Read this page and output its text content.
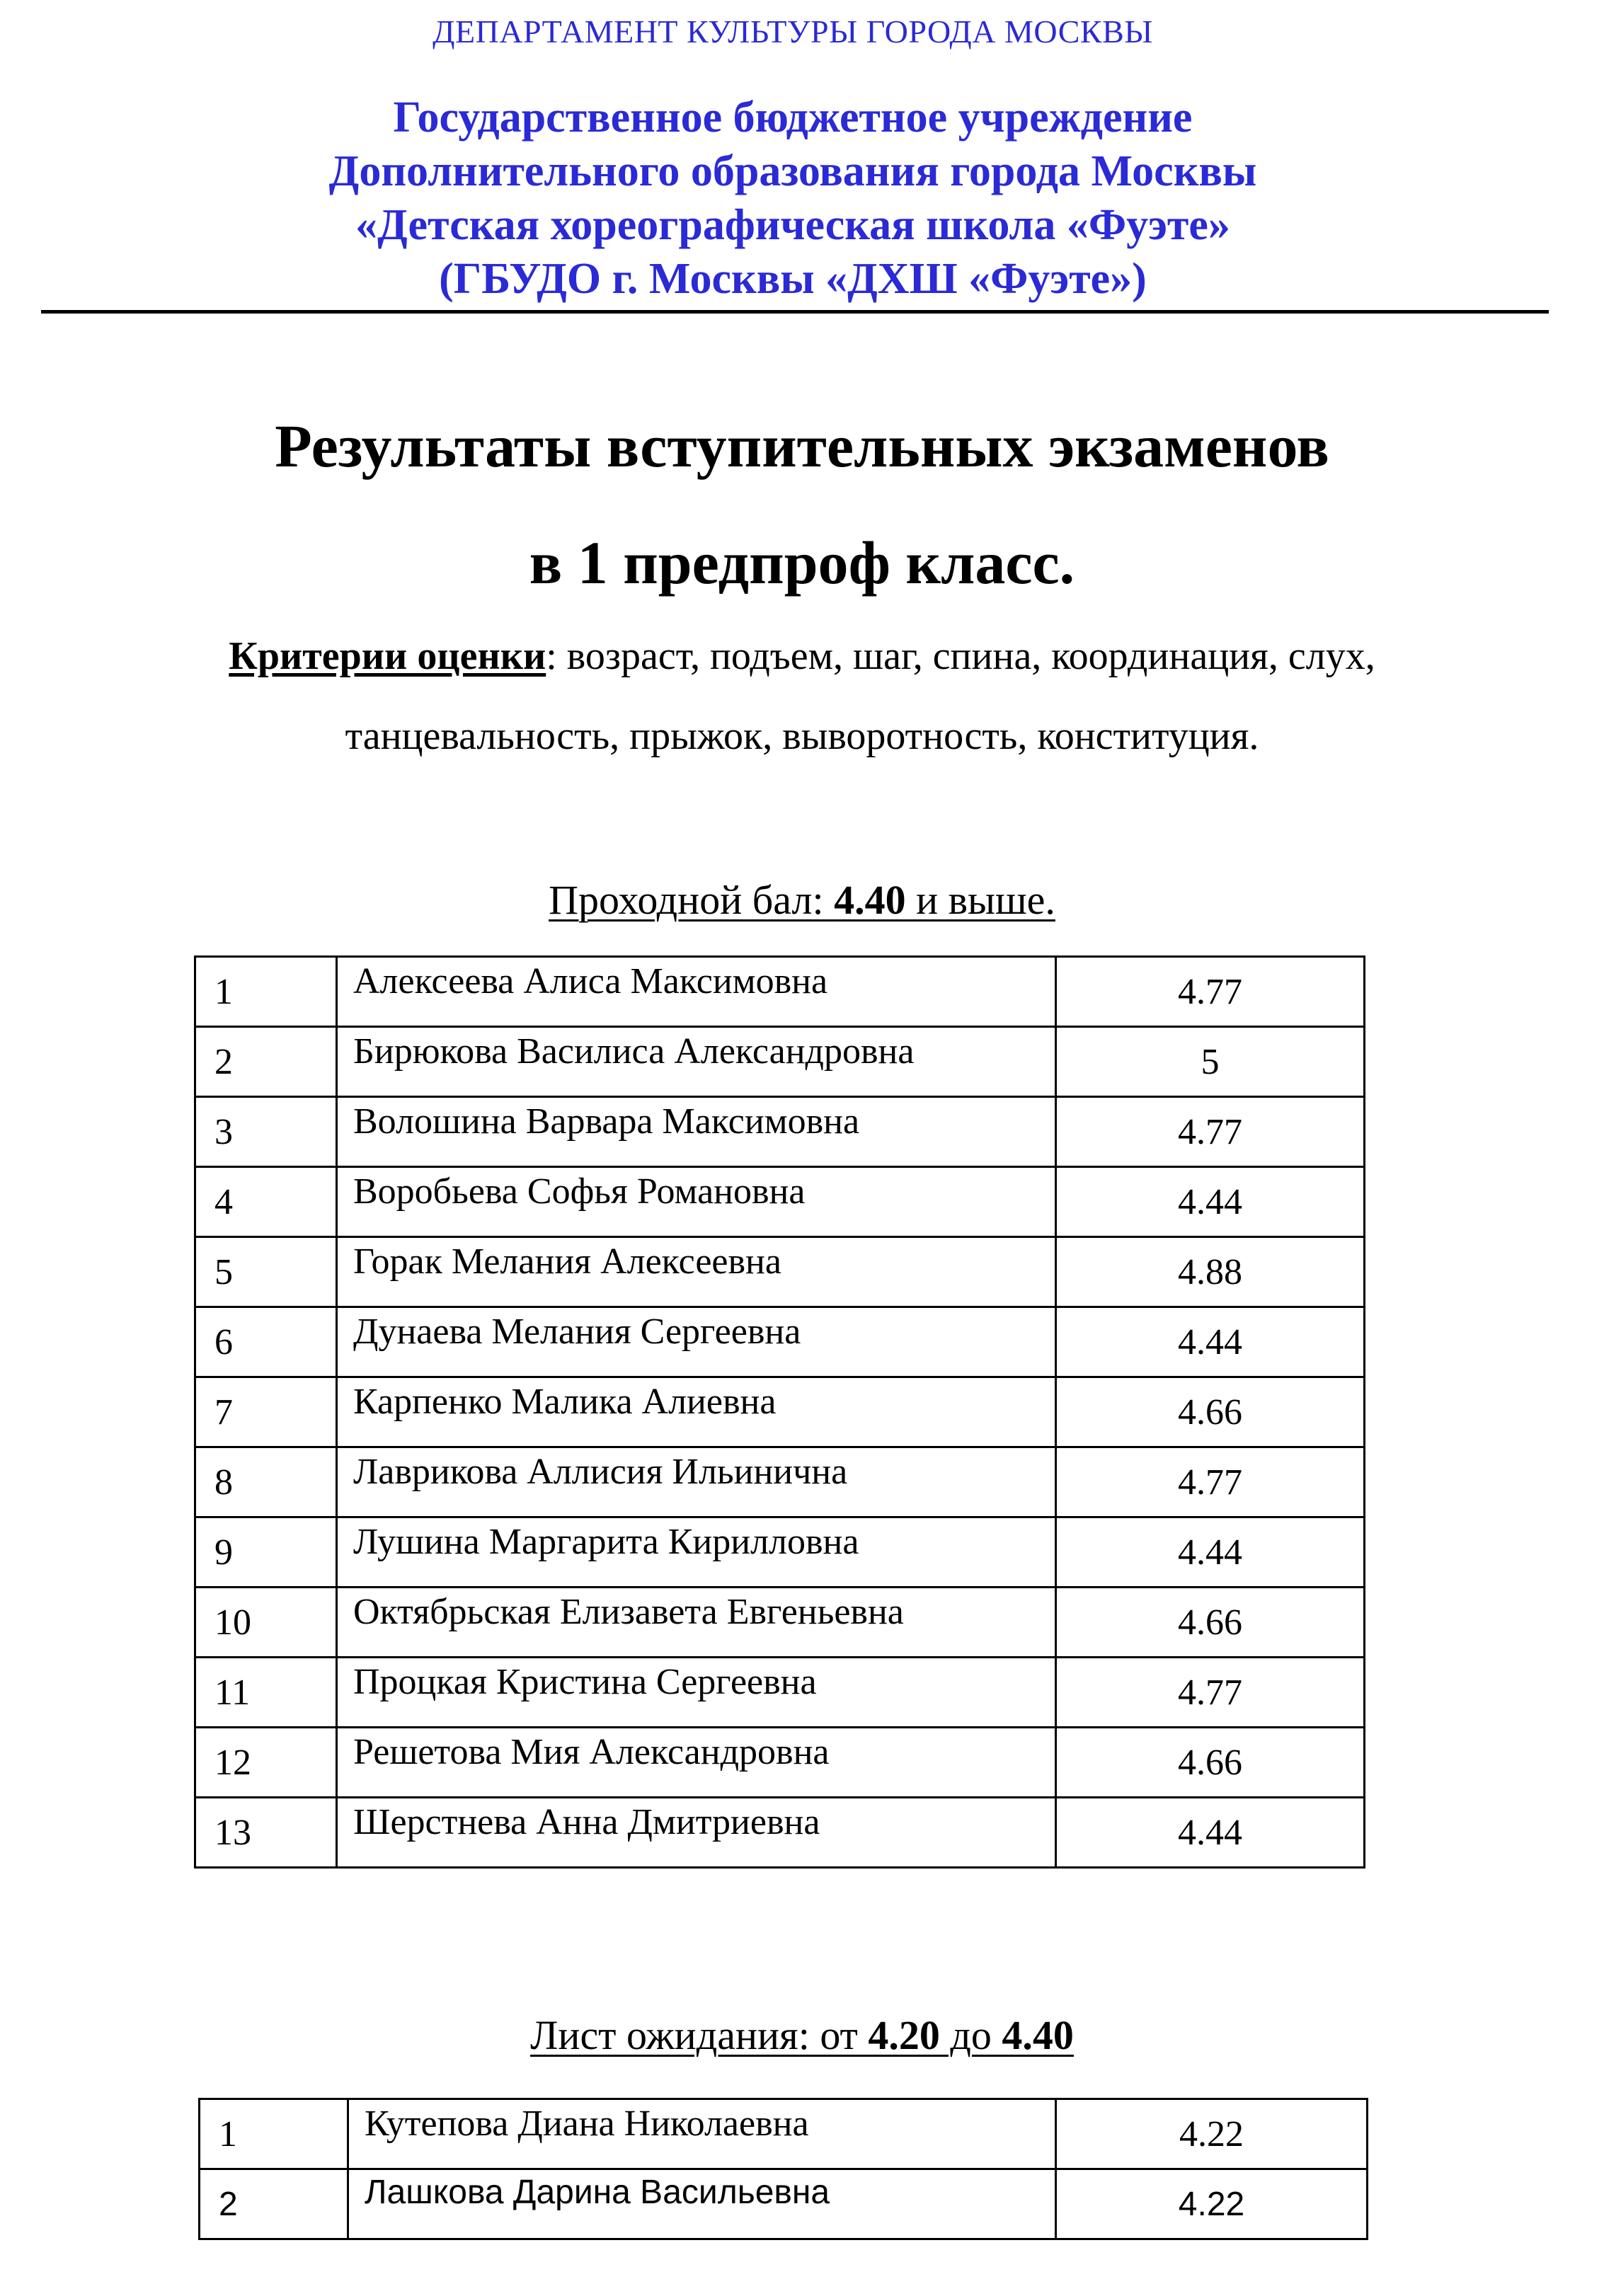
ДЕПАРТАМЕНТ КУЛЬТУРЫ ГОРОДА МОСКВЫ
Государственное бюджетное учреждение
Дополнительного образования города Москвы
«Детская хореографическая школа «Фуэте»
(ГБУДО г. Москвы «ДХШ «Фуэте»)
Результаты вступительных экзаменов
в 1 предпроф класс.
Критерии оценки: возраст, подъем, шаг, спина, координация, слух,
танцевальность, прыжок, выворотность, конституция.
Проходной бал: 4.40 и выше.
1	Алексеева Алиса Максимовна	4.77
2	Бирюкова Василиса Александровна	5
3	Волошина Варвара Максимовна	4.77
4	Воробьева Софья Романовна	4.44
5	Горак Мелания Алексеевна	4.88
6	Дунаева Мелания Сергеевна	4.44
7	Карпенко Малика Алиевна	4.66
8	Лаврикова Аллисия Ильинична	4.77
9	Лушина Маргарита Кирилловна	4.44
10	Октябрьская Елизавета Евгеньевна	4.66
11	Процкая Кристина Сергеевна	4.77
12	Решетова Мия Александровна	4.66
13	Шерстнева Анна Дмитриевна	4.44
Лист ожидания: от 4.20 до 4.40
1	Кутепова Диана Николаевна	4.22
2	Лашкова Дарина Васильевна	4.22
